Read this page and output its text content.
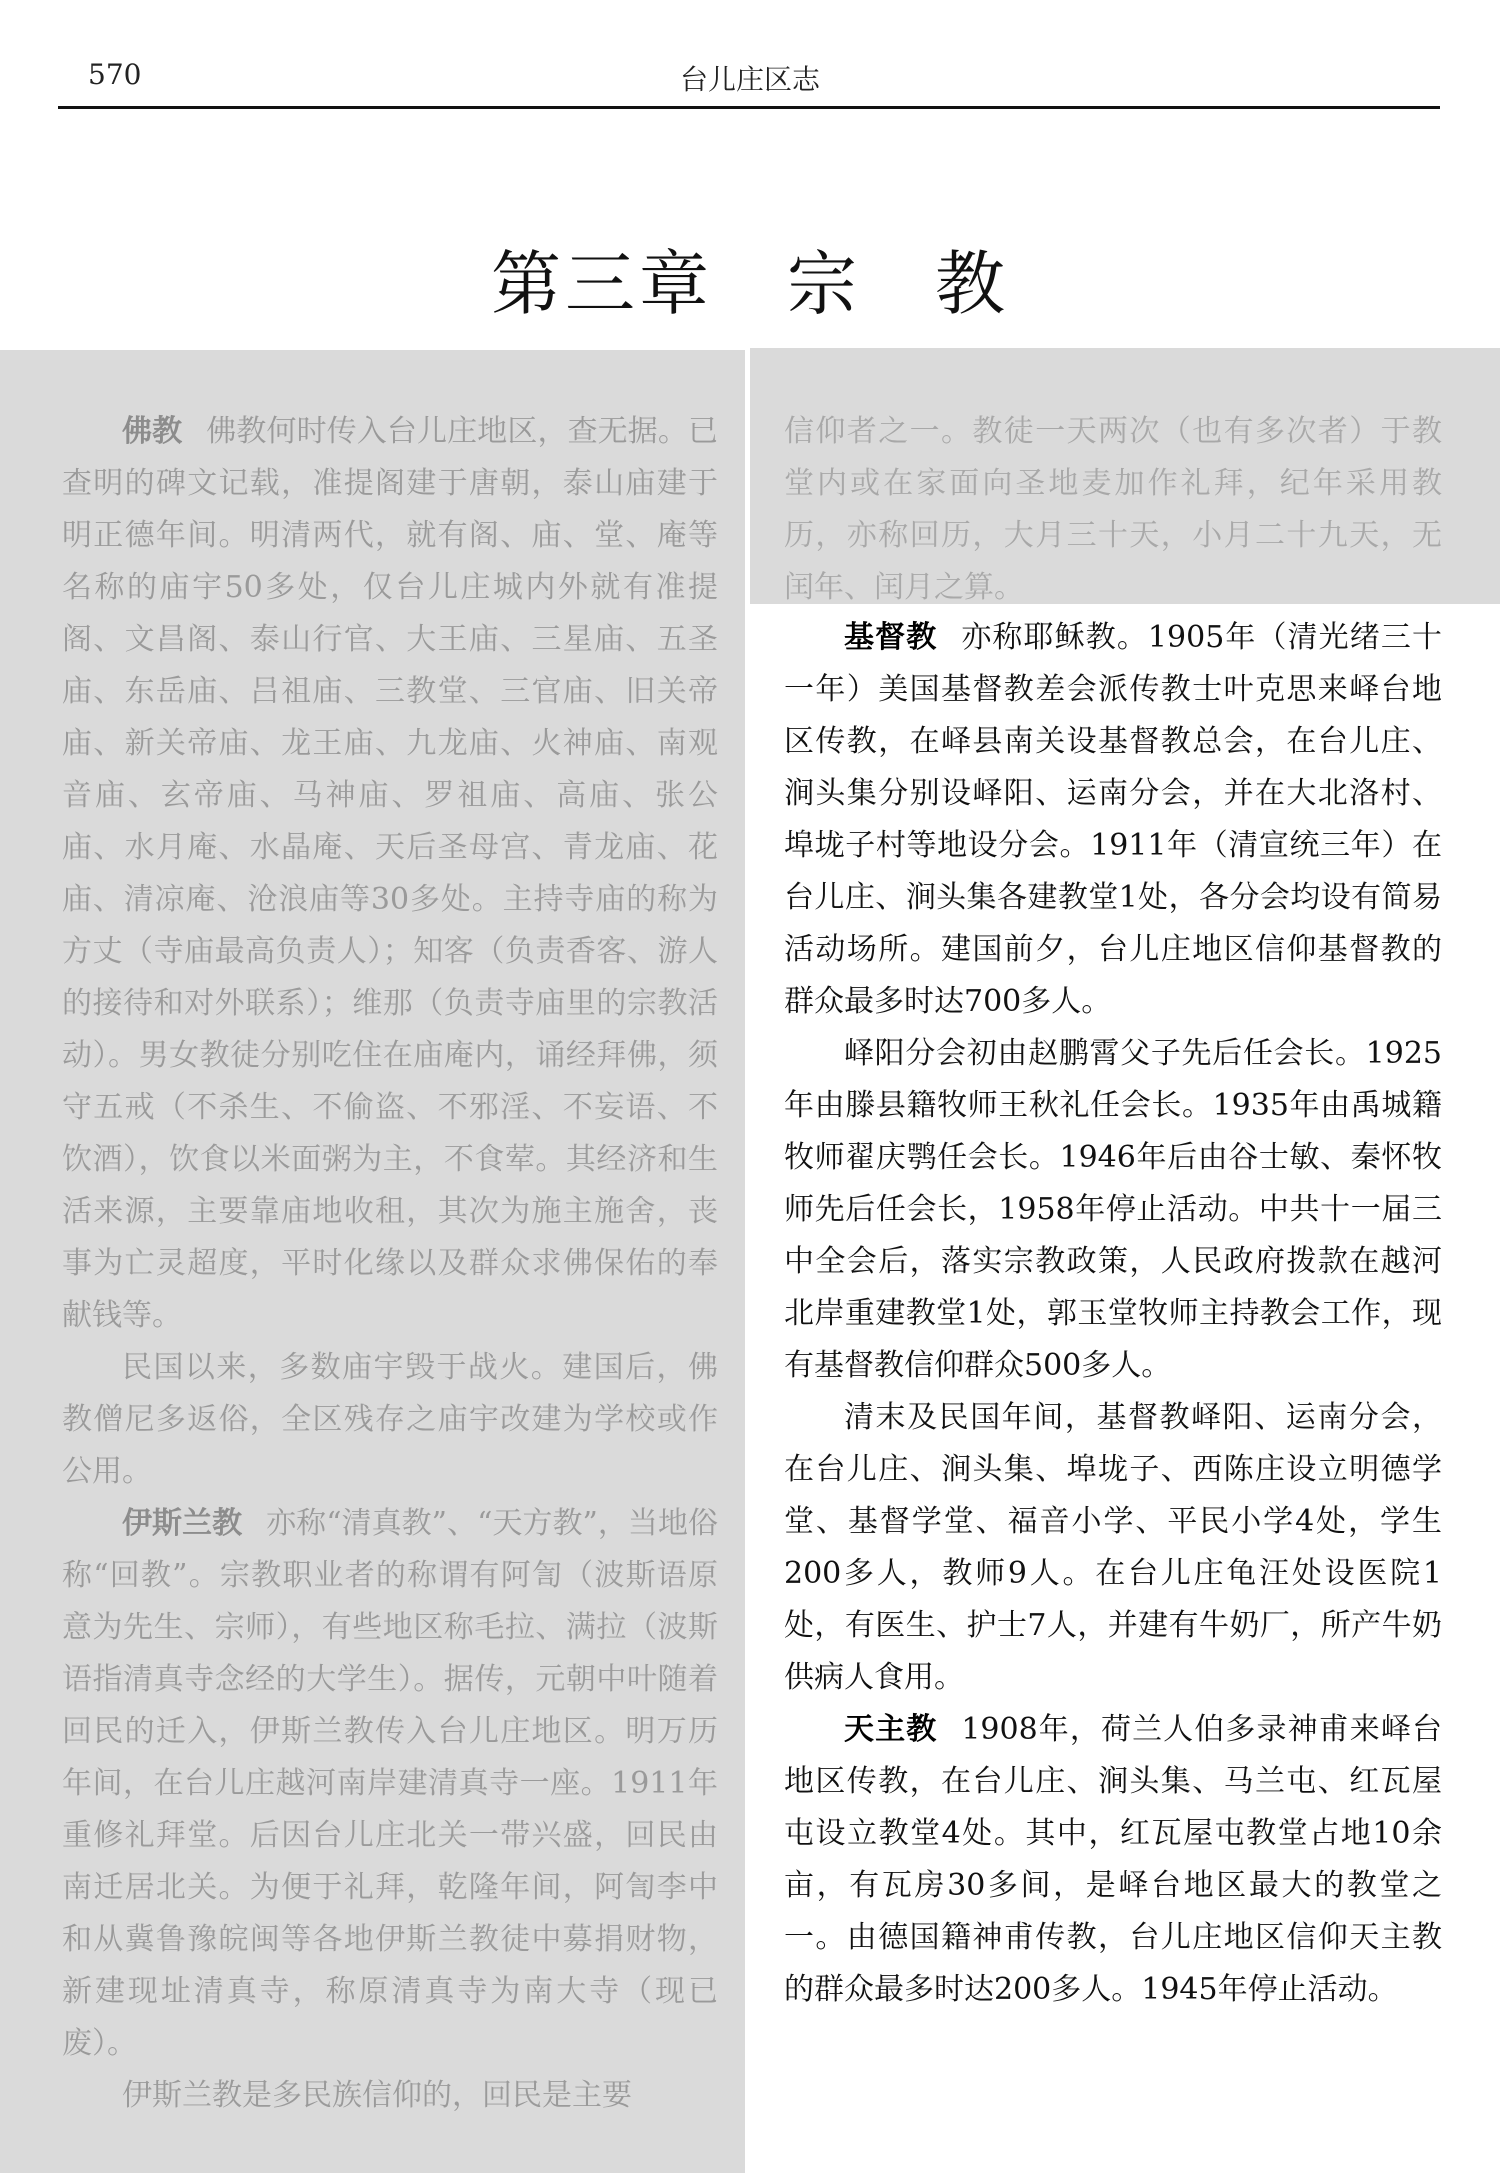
570	台儿庄区志
第三章　宗　教

佛教 佛教何时传入台儿庄地区，查无据。已查明的碑文记载，准提阁建于唐朝，泰山庙建于明正德年间。明清两代，就有阁、庙、堂、庵等名称的庙宇50多处，仅台儿庄城内外就有准提阁、文昌阁、泰山行官、大王庙、三星庙、五圣庙、东岳庙、吕祖庙、三教堂、三官庙、旧关帝庙、新关帝庙、龙王庙、九龙庙、火神庙、南观音庙、玄帝庙、马神庙、罗祖庙、高庙、张公庙、水月庵、水晶庵、天后圣母宫、青龙庙、花庙、清凉庵、沧浪庙等30多处。主持寺庙的称为方丈（寺庙最高负责人）；知客（负责香客、游人的接待和对外联系）；维那（负责寺庙里的宗教活动）。男女教徒分别吃住在庙庵内，诵经拜佛，须守五戒（不杀生、不偷盗、不邪淫、不妄语、不饮酒），饮食以米面粥为主，不食荤。其经济和生活来源，主要靠庙地收租，其次为施主施舍，丧事为亡灵超度，平时化缘以及群众求佛保佑的奉献钱等。

民国以来，多数庙宇毁于战火。建国后，佛教僧尼多返俗，全区残存之庙宇改建为学校或作公用。

伊斯兰教 亦称“清真教”、“天方教”，当地俗称“回教”。宗教职业者的称谓有阿訇（波斯语原意为先生、宗师），有些地区称毛拉、满拉（波斯语指清真寺念经的大学生）。据传，元朝中叶随着回民的迁入，伊斯兰教传入台儿庄地区。明万历年间，在台儿庄越河南岸建清真寺一座。1911年重修礼拜堂。后因台儿庄北关一带兴盛，回民由南迁居北关。为便于礼拜，乾隆年间，阿訇李中和从冀鲁豫皖闽等各地伊斯兰教徒中募捐财物，新建现址清真寺，称原清真寺为南大寺（现已废）。

伊斯兰教是多民族信仰的，回民是主要

信仰者之一。教徒一天两次（也有多次者）于教堂内或在家面向圣地麦加作礼拜，纪年采用教历，亦称回历，大月三十天，小月二十九天，无闰年、闰月之算。

基督教 亦称耶稣教。1905年（清光绪三十一年）美国基督教差会派传教士叶克思来峄台地区传教，在峄县南关设基督教总会，在台儿庄、涧头集分别设峄阳、运南分会，并在大北洛村、埠垅子村等地设分会。1911年（清宣统三年）在台儿庄、涧头集各建教堂1处，各分会均设有简易活动场所。建国前夕，台儿庄地区信仰基督教的群众最多时达700多人。

峄阳分会初由赵鹏霄父子先后任会长。1925年由滕县籍牧师王秋礼任会长。1935年由禹城籍牧师翟庆鹗任会长。1946年后由谷士敏、秦怀牧师先后任会长，1958年停止活动。中共十一届三中全会后，落实宗教政策，人民政府拨款在越河北岸重建教堂1处，郭玉堂牧师主持教会工作，现有基督教信仰群众500多人。

清末及民国年间，基督教峄阳、运南分会，在台儿庄、涧头集、埠垅子、西陈庄设立明德学堂、基督学堂、福音小学、平民小学4处，学生200多人，教师9人。在台儿庄龟汪处设医院1处，有医生、护士7人，并建有牛奶厂，所产牛奶供病人食用。

天主教 1908年，荷兰人伯多录神甫来峄台地区传教，在台儿庄、涧头集、马兰屯、红瓦屋屯设立教堂4处。其中，红瓦屋屯教堂占地10余亩，有瓦房30多间，是峄台地区最大的教堂之一。由德国籍神甫传教，台儿庄地区信仰天主教的群众最多时达200多人。1945年停止活动。
